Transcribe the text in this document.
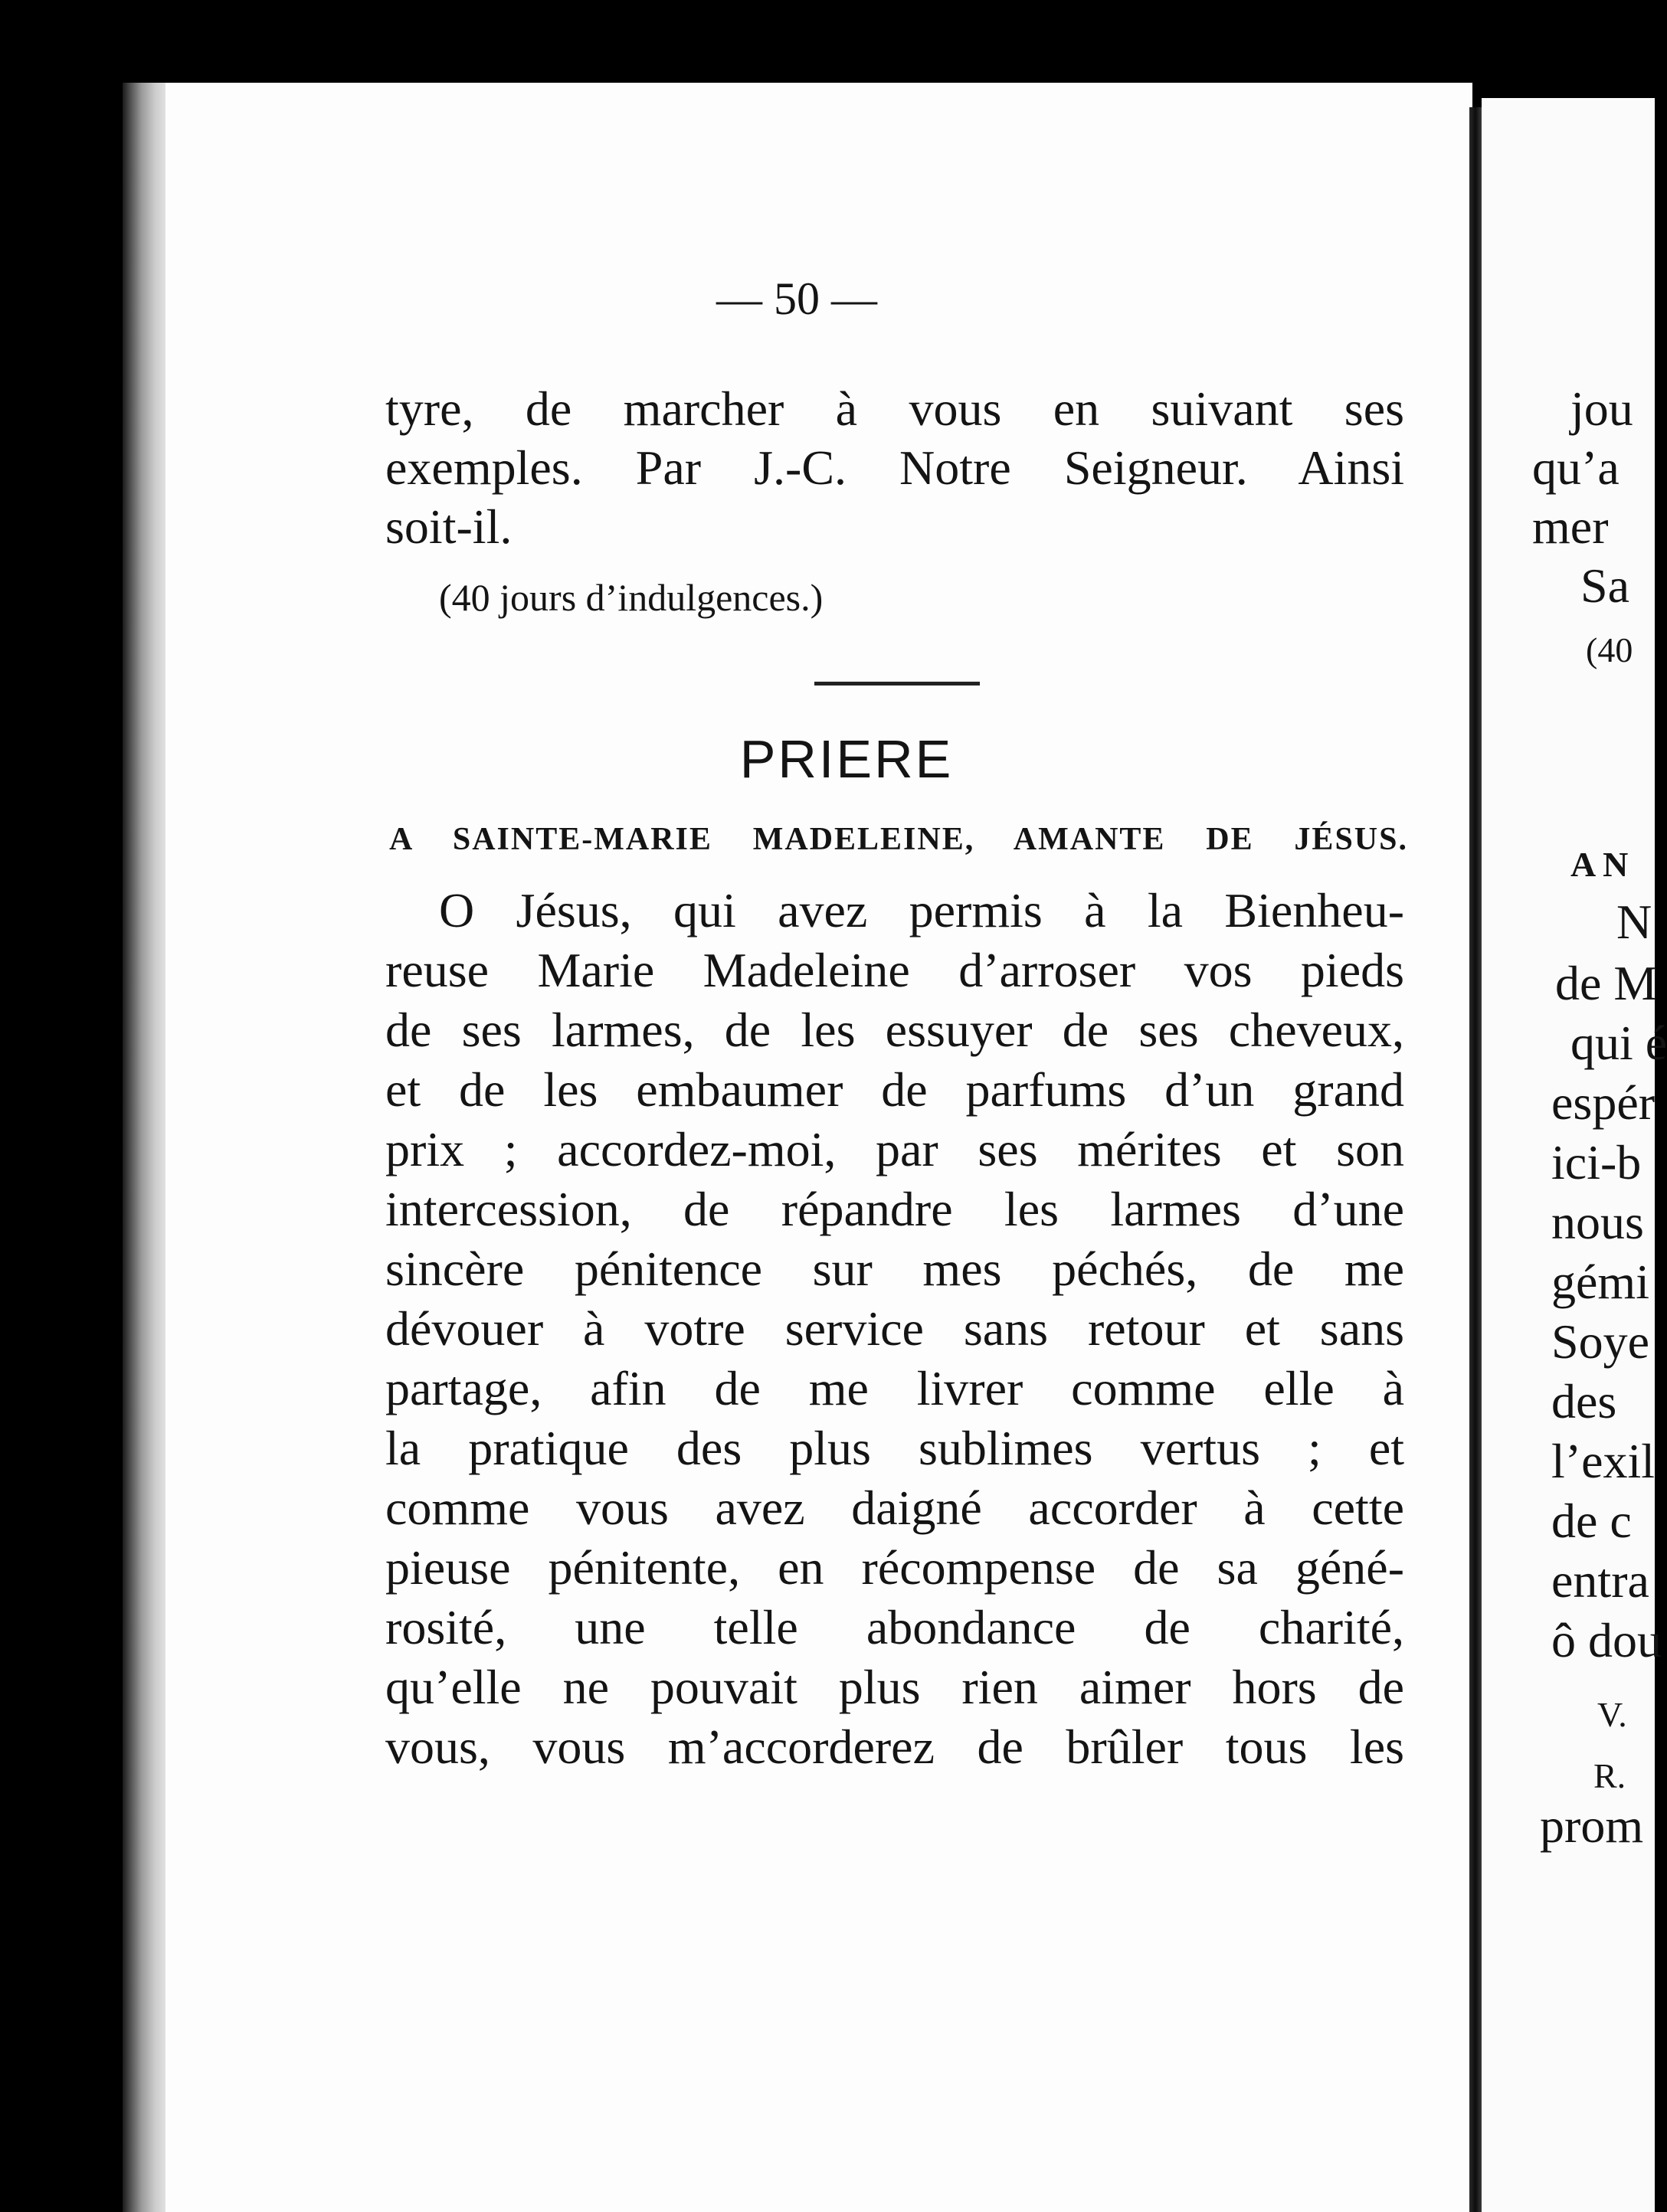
— 50 —
tyre, de marcher à vous en suivant ses
exemples. Par J.-C. Notre Seigneur. Ainsi
soit-il.
(40 jours d’indulgences.)
PRIERE
A SAINTE-MARIE MADELEINE, AMANTE DE JÉSUS.
O Jésus, qui avez permis à la Bienheu-
reuse Marie Madeleine d’arroser vos pieds
de ses larmes, de les essuyer de ses cheveux,
et de les embaumer de parfums d’un grand
prix ; accordez-moi, par ses mérites et son
intercession, de répandre les larmes d’une
sincère pénitence sur mes péchés, de me
dévouer à votre service sans retour et sans
partage, afin de me livrer comme elle à
la pratique des plus sublimes vertus ; et
comme vous avez daigné accorder à cette
pieuse pénitente, en récompense de sa géné-
rosité, une telle abondance de charité,
qu’elle ne pouvait plus rien aimer hors de
vous, vous m’accorderez de brûler tous les
jou
qu’a
mer
Sa
(40
A N
N
de M
qui é
espér
ici-b
nous
gémi
Soye
des
l’exil
de c
entra
ô dou
V.
R.
prom
